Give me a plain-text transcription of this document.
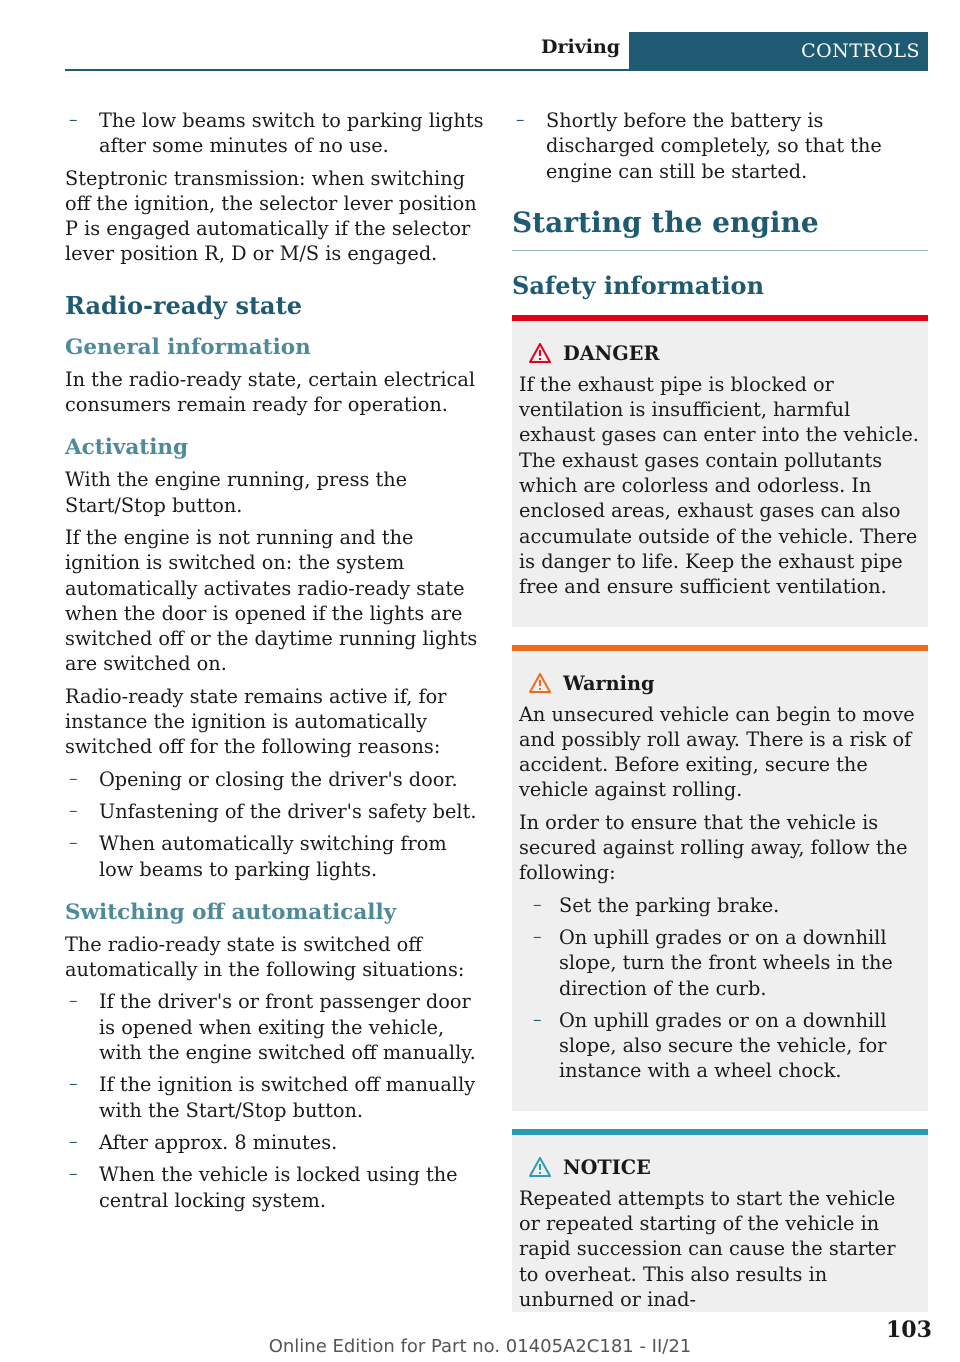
Driving	CONTROLS
– The low beams switch to parking lights after some minutes of no use.

Steptronic transmission: when switching off the ignition, the selector lever position P is engaged automatically if the selector lever position R, D or M/S is engaged.

Radio-ready state
General information

In the radio-ready state, certain electrical consumers remain ready for operation.

Activating

With the engine running, press the Start/Stop button.

If the engine is not running and the ignition is switched on: the system automatically activates radio-ready state when the door is opened if the lights are switched off or the daytime running lights are switched on.

Radio-ready state remains active if, for instance the ignition is automatically switched off for the following reasons:

– Opening or closing the driver's door.
– Unfastening of the driver's safety belt.
– When automatically switching from low beams to parking lights.
Switching off automatically

The radio-ready state is switched off automatically in the following situations:

– If the driver's or front passenger door is opened when exiting the vehicle, with the engine switched off manually.
– If the ignition is switched off manually with the Start/Stop button.
– After approx. 8 minutes.
– When the vehicle is locked using the central locking system.
– Shortly before the battery is discharged completely, so that the engine can still be started.
Starting the engine
Safety information
DANGER

If the exhaust pipe is blocked or ventilation is insufficient, harmful exhaust gases can enter into the vehicle. The exhaust gases contain pollutants which are colorless and odorless. In enclosed areas, exhaust gases can also accumulate outside of the vehicle. There is danger to life. Keep the exhaust pipe free and ensure sufficient ventilation.

Warning

An unsecured vehicle can begin to move and possibly roll away. There is a risk of accident. Before exiting, secure the vehicle against rolling.

In order to ensure that the vehicle is secured against rolling away, follow the following:

– Set the parking brake.
– On uphill grades or on a downhill slope, turn the front wheels in the direction of the curb.
– On uphill grades or on a downhill slope, also secure the vehicle, for instance with a wheel chock.
NOTICE

Repeated attempts to start the vehicle or repeated starting of the vehicle in rapid succession can cause the starter to overheat. This also results in unburned or inad-

103
Online Edition for Part no. 01405A2C181 - II/21
